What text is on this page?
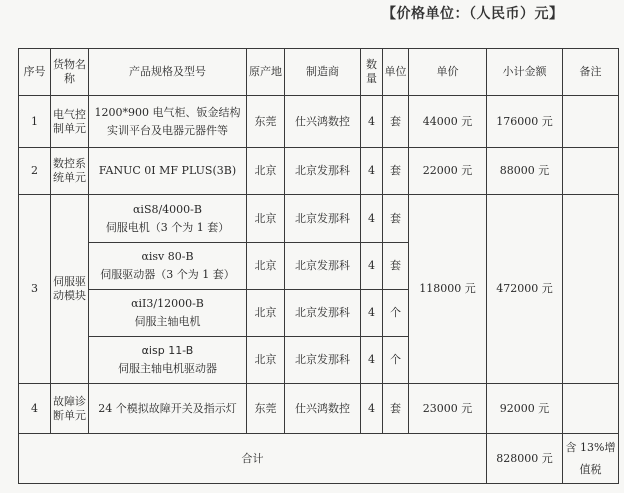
【价格单位：（人民币）元】
序号	货物名称	产品规格及型号	原产地	制造商	数量	单位	单价	小计金额	备注
1	电气控制单元	1200*900 电气柜、钣金结构
实训平台及电器元器件等	东莞	仕兴鸿数控	4	套	44000 元	176000 元	
2	数控系统单元	FANUC 0I MF PLUS(3B)	北京	北京发那科	4	套	22000 元	88000 元	
3	伺服驱动模块	αiS8/4000-B
伺服电机（3 个为 1 套）	北京	北京发那科	4	套	118000 元	472000 元	

		αisv 80-B
伺服驱动器（3 个为 1 套）	北京	北京发那科	4	套			

		αiI3/12000-B
伺服主轴电机	北京	北京发那科	4	个			

		αisp 11-B
伺服主轴电机驱动器	北京	北京发那科	4	个			
4	故障诊断单元	24 个模拟故障开关及指示灯	东莞	仕兴鸿数控	4	套	23000 元	92000 元	
合计								828000 元	含 13%增值税
